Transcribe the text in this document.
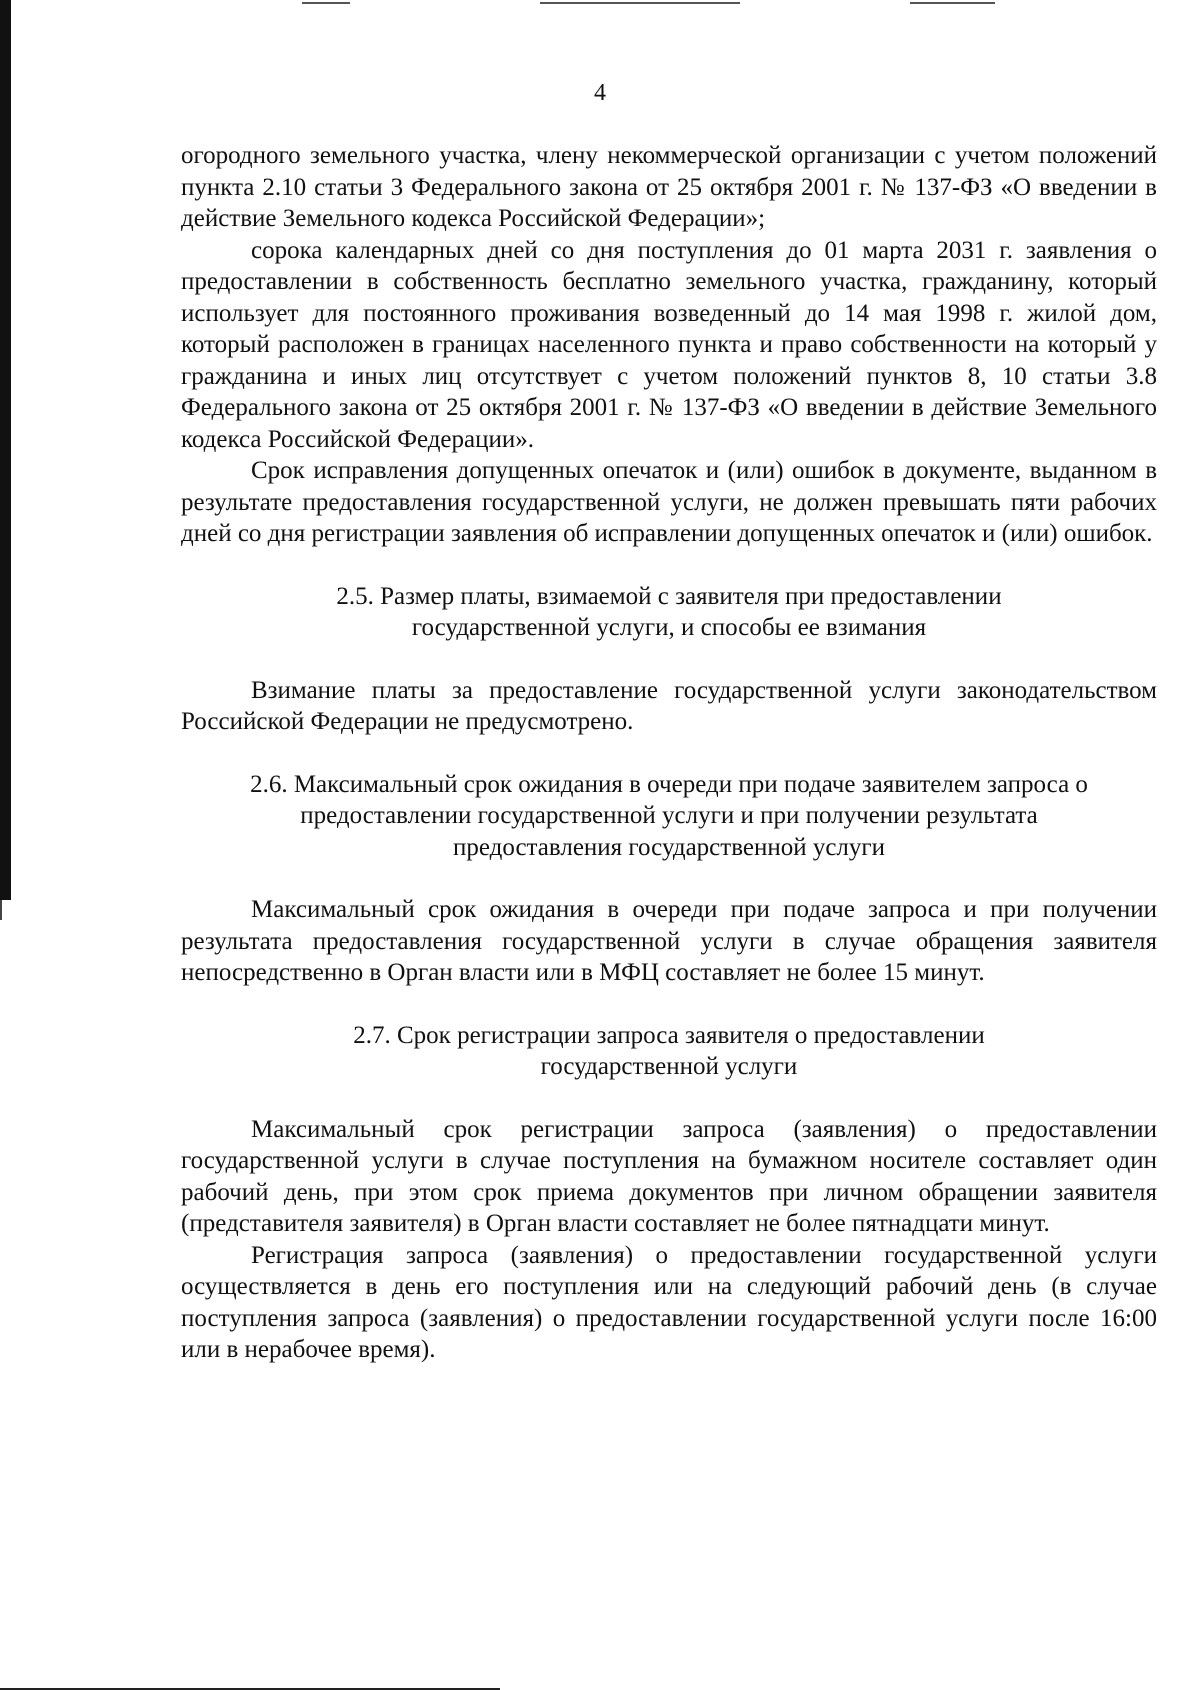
4

огородного земельного участка, члену некоммерческой организации с учетом положений пункта 2.10 статьи 3 Федерального закона от 25 октября 2001 г. № 137-ФЗ «О введении в действие Земельного кодекса Российской Федерации»;

сорока календарных дней со дня поступления до 01 марта 2031 г. заявления о предоставлении в собственность бесплатно земельного участка, гражданину, который использует для постоянного проживания возведенный до 14 мая 1998 г. жилой дом, который расположен в границах населенного пункта и право собственности на который у гражданина и иных лиц отсутствует с учетом положений пунктов 8, 10 статьи 3.8 Федерального закона от 25 октября 2001 г. № 137-ФЗ «О введении в действие Земельного кодекса Российской Федерации».

Срок исправления допущенных опечаток и (или) ошибок в документе, выданном в результате предоставления государственной услуги, не должен превышать пяти рабочих дней со дня регистрации заявления об исправлении допущенных опечаток и (или) ошибок.

2.5. Размер платы, взимаемой с заявителя при предоставлении государственной услуги, и способы ее взимания

Взимание платы за предоставление государственной услуги законодательством Российской Федерации не предусмотрено.

2.6. Максимальный срок ожидания в очереди при подаче заявителем запроса о предоставлении государственной услуги и при получении результата предоставления государственной услуги

Максимальный срок ожидания в очереди при подаче запроса и при получении результата предоставления государственной услуги в случае обращения заявителя непосредственно в Орган власти или в МФЦ составляет не более 15 минут.

2.7. Срок регистрации запроса заявителя о предоставлении государственной услуги

Максимальный срок регистрации запроса (заявления) о предоставлении государственной услуги в случае поступления на бумажном носителе составляет один рабочий день, при этом срок приема документов при личном обращении заявителя (представителя заявителя) в Орган власти составляет не более пятнадцати минут.

Регистрация запроса (заявления) о предоставлении государственной услуги осуществляется в день его поступления или на следующий рабочий день (в случае поступления запроса (заявления) о предоставлении государственной услуги после 16:00 или в нерабочее время).
